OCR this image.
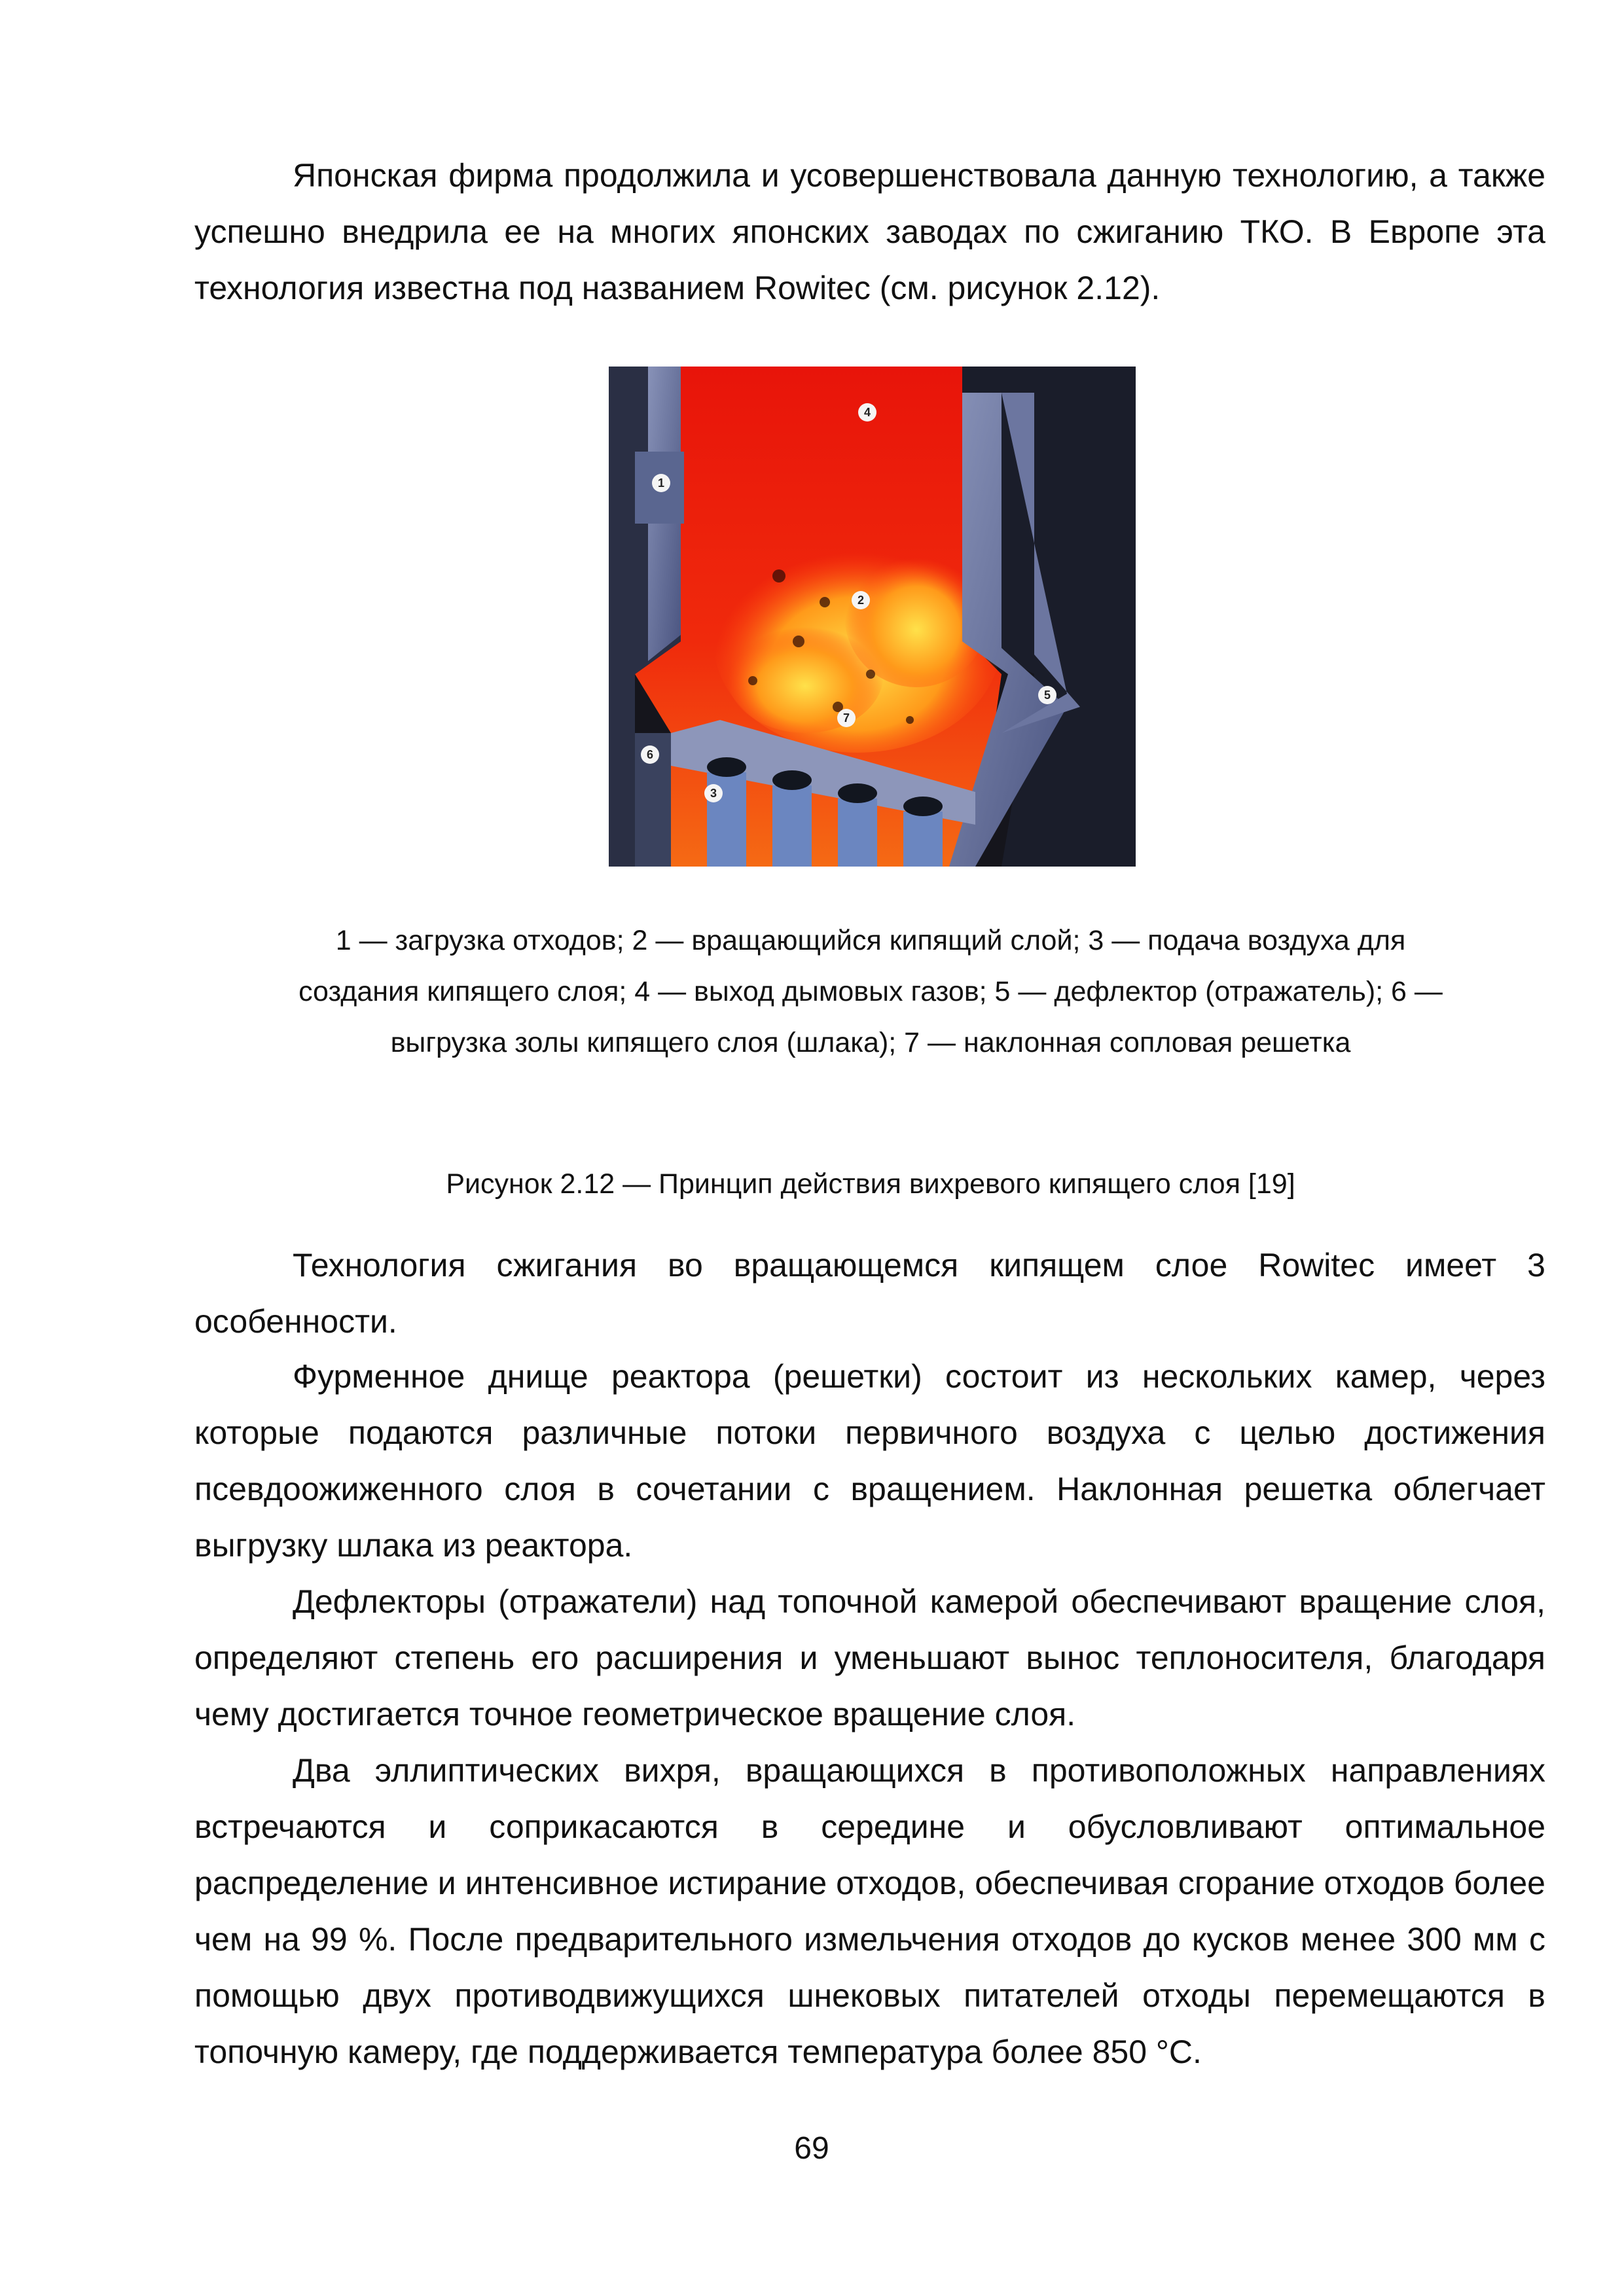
Японская фирма продолжила и усовершенствовала данную технологию, а также успешно внедрила ее на многих японских заводах по сжиганию ТКО. В Европе эта технология известна под названием Rowitec (см. рисунок 2.12).

1
2
3
4
5
6
7

1 — загрузка отходов; 2 — вращающийся кипящий слой; 3 — подача воздуха для создания кипящего слоя; 4 — выход дымовых газов; 5 — дефлектор (отражатель); 6 — выгрузка золы кипящего слоя (шлака); 7 — наклонная сопловая решетка

Рисунок 2.12 — Принцип действия вихревого кипящего слоя [19]

Технология сжигания во вращающемся кипящем слое Rowitec имеет 3 особенности.

Фурменное днище реактора (решетки) состоит из нескольких камер, через которые подаются различные потоки первичного воздуха с целью достижения псевдоожиженного слоя в сочетании с вращением. Наклонная решетка облегчает выгрузку шлака из реактора.

Дефлекторы (отражатели) над топочной камерой обеспечивают вращение слоя, определяют степень его расширения и уменьшают вынос теплоносителя, благодаря чему достигается точное геометрическое вращение слоя.

Два эллиптических вихря, вращающихся в противоположных направлениях встречаются и соприкасаются в середине и обусловливают оптимальное распределение и интенсивное истирание отходов, обеспечивая сгорание отходов более чем на 99 %. После предварительного измельчения отходов до кусков менее 300 мм с помощью двух противодвижущихся шнековых питателей отходы перемещаются в топочную камеру, где поддерживается температура более 850 °С.

69
